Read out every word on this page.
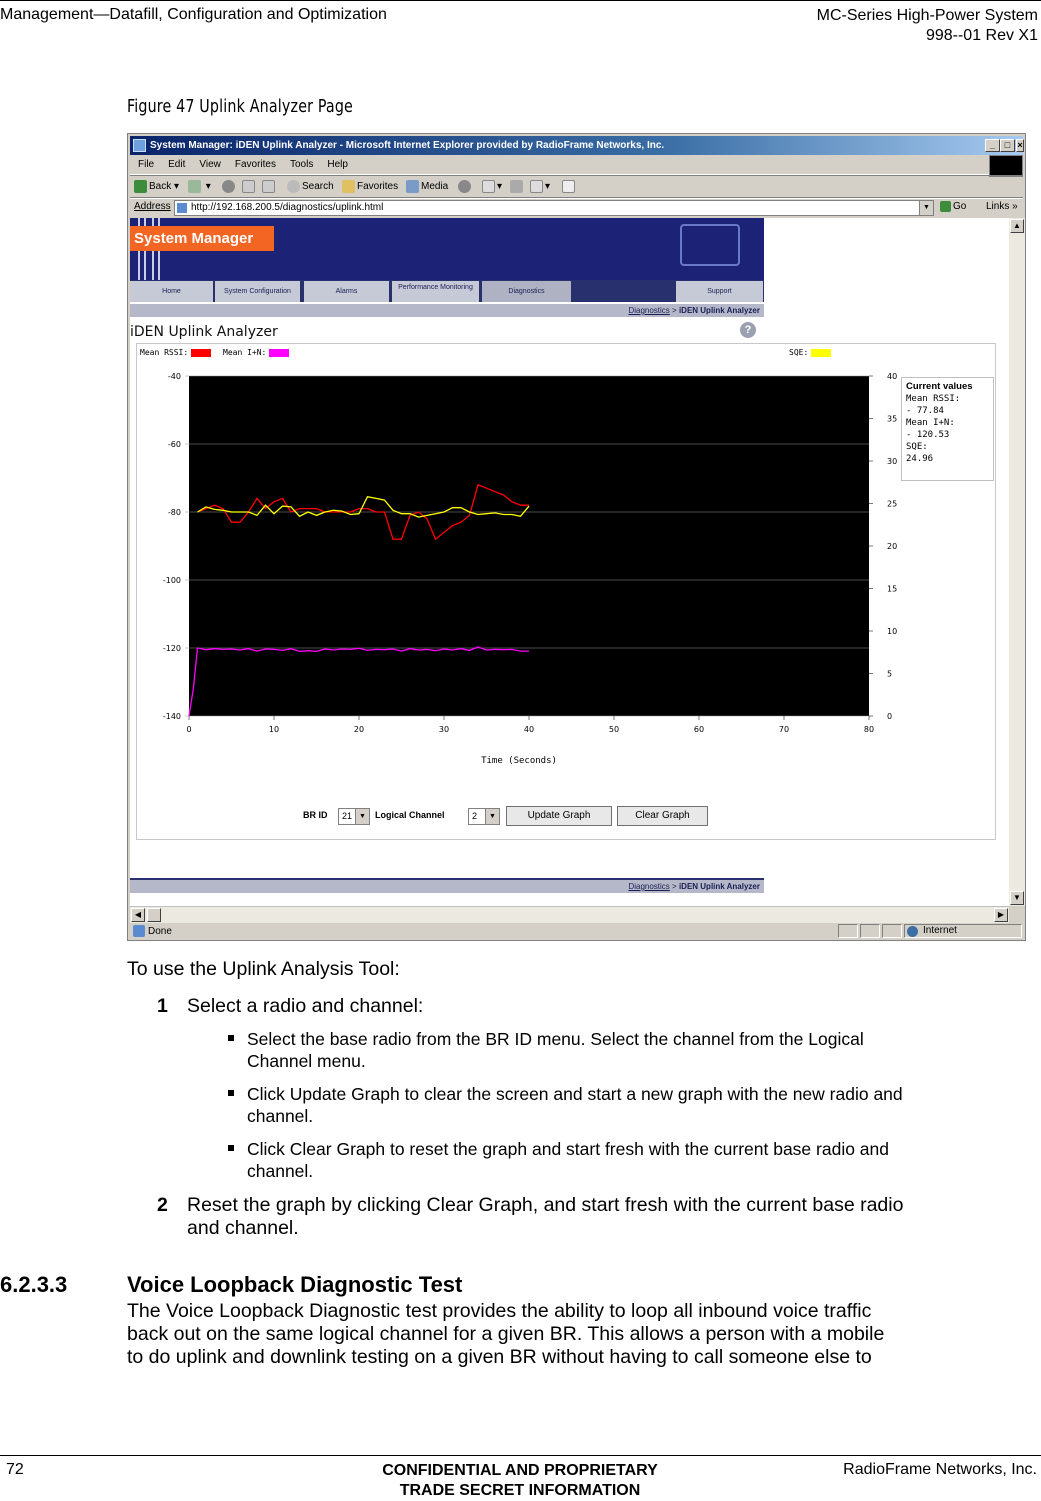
Management—Datafill, Configuration and Optimization	MC-Series High-Power System
998--01 Rev X1
Figure 47 Uplink Analyzer Page
System Manager: iDEN Uplink Analyzer - Microsoft Internet Explorer provided by RadioFrame Networks, Inc.	_	□ ×
File Edit View Favorites Tools Help
Back ▾	▾	Search	Favorites	Media	▾	▾
Address	http://192.168.200.5/diagnostics/uplink.html	▼	Go Links »
System Manager
Home	System Configuration	Alarms
Performance Monitoring
Diagnostics	Support
Diagnostics > iDEN Uplink Analyzer
iDEN Uplink Analyzer	?
Mean RSSI:	Mean I+N:	SQE:
-40
-60
-80
-100
-120
-140
40
35
30
25
20
15
10
5
0
0	10	20	30	40	50	60	70	80
Time (Seconds)
Current values
Mean RSSI:
- 77.84
Mean I+N:
- 120.53
SQE:
24.96
BR ID	21	▼	Logical Channel	2	▼	Update Graph	Clear Graph
Diagnostics > iDEN Uplink Analyzer
▲
▼
◀	▶
Done	Internet
To use the Uplink Analysis Tool:
1 Select a radio and channel:
Select the base radio from the BR ID menu. Select the channel from the Logical
Channel menu.
Click Update Graph to clear the screen and start a new graph with the new radio and
channel.
Click Clear Graph to reset the graph and start fresh with the current base radio and
channel.
2 Reset the graph by clicking Clear Graph, and start fresh with the current base radio
and channel.
6.2.3.3	Voice Loopback Diagnostic Test
The Voice Loopback Diagnostic test provides the ability to loop all inbound voice traffic
back out on the same logical channel for a given BR. This allows a person with a mobile
to do uplink and downlink testing on a given BR without having to call someone else to
72	CONFIDENTIAL AND PROPRIETARY
TRADE SECRET INFORMATION
RadioFrame Networks, Inc.
